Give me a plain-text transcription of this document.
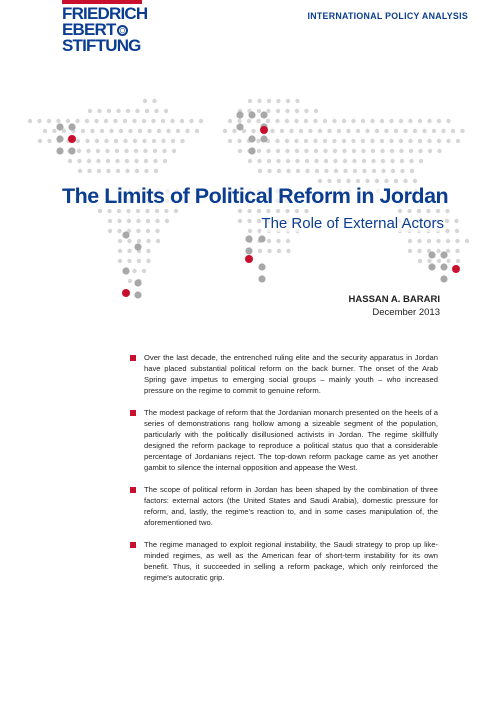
FRIEDRICH
EBERT
STIFTUNG
INTERNATIONAL POLICY ANALYSIS
The Limits of Political Reform in Jordan
The Role of External Actors
HASSAN A. BARARI
December 2013
Over the last decade, the entrenched ruling elite and the security apparatus in Jordan have placed substantial political reform on the back burner. The onset of the Arab Spring gave impetus to emerging social groups – mainly youth – who increased pressure on the regime to commit to genuine reform.
The modest package of reform that the Jordanian monarch presented on the heels of a series of demonstrations rang hollow among a sizeable segment of the population, particularly with the politically disillusioned activists in Jordan. The regime skillfully designed the reform package to reproduce a political status quo that a considerable percentage of Jordanians reject. The top-down reform package came as yet another gambit to silence the internal opposition and appease the West.
The scope of political reform in Jordan has been shaped by the combination of three factors: external actors (the United States and Saudi Arabia), domestic pressure for reform, and, lastly, the regime's reaction to, and in some cases manipulation of, the aforementioned two.
The regime managed to exploit regional instability, the Saudi strategy to prop up like-minded regimes, as well as the American fear of short-term instability for its own benefit. Thus, it succeeded in selling a reform package, which only reinforced the regime's autocratic grip.
